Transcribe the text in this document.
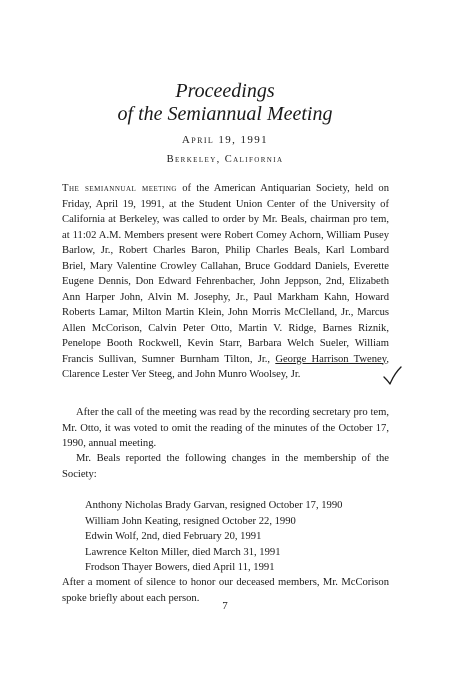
Proceedings
of the Semiannual Meeting
April 19, 1991
Berkeley, California
The semiannual meeting of the American Antiquarian Society, held on Friday, April 19, 1991, at the Student Union Center of the University of California at Berkeley, was called to order by Mr. Beals, chairman pro tem, at 11:02 A.M. Members present were Robert Comey Achorn, William Pusey Barlow, Jr., Robert Charles Baron, Philip Charles Beals, Karl Lombard Briel, Mary Valentine Crowley Callahan, Bruce Goddard Daniels, Everette Eugene Dennis, Don Edward Fehrenbacher, John Jeppson, 2nd, Elizabeth Ann Harper John, Alvin M. Josephy, Jr., Paul Markham Kahn, Howard Roberts Lamar, Milton Martin Klein, John Morris McClelland, Jr., Marcus Allen McCorison, Calvin Peter Otto, Martin V. Ridge, Barnes Riznik, Penelope Booth Rockwell, Kevin Starr, Barbara Welch Sueler, William Francis Sullivan, Sumner Burnham Tilton, Jr., George Harrison Tweney, Clarence Lester Ver Steeg, and John Munro Woolsey, Jr.
After the call of the meeting was read by the recording secretary pro tem, Mr. Otto, it was voted to omit the reading of the minutes of the October 17, 1990, annual meeting.
Mr. Beals reported the following changes in the membership of the Society:
Anthony Nicholas Brady Garvan, resigned October 17, 1990
William John Keating, resigned October 22, 1990
Edwin Wolf, 2nd, died February 20, 1991
Lawrence Kelton Miller, died March 31, 1991
Frodson Thayer Bowers, died April 11, 1991
After a moment of silence to honor our deceased members, Mr. McCorison spoke briefly about each person.
7
